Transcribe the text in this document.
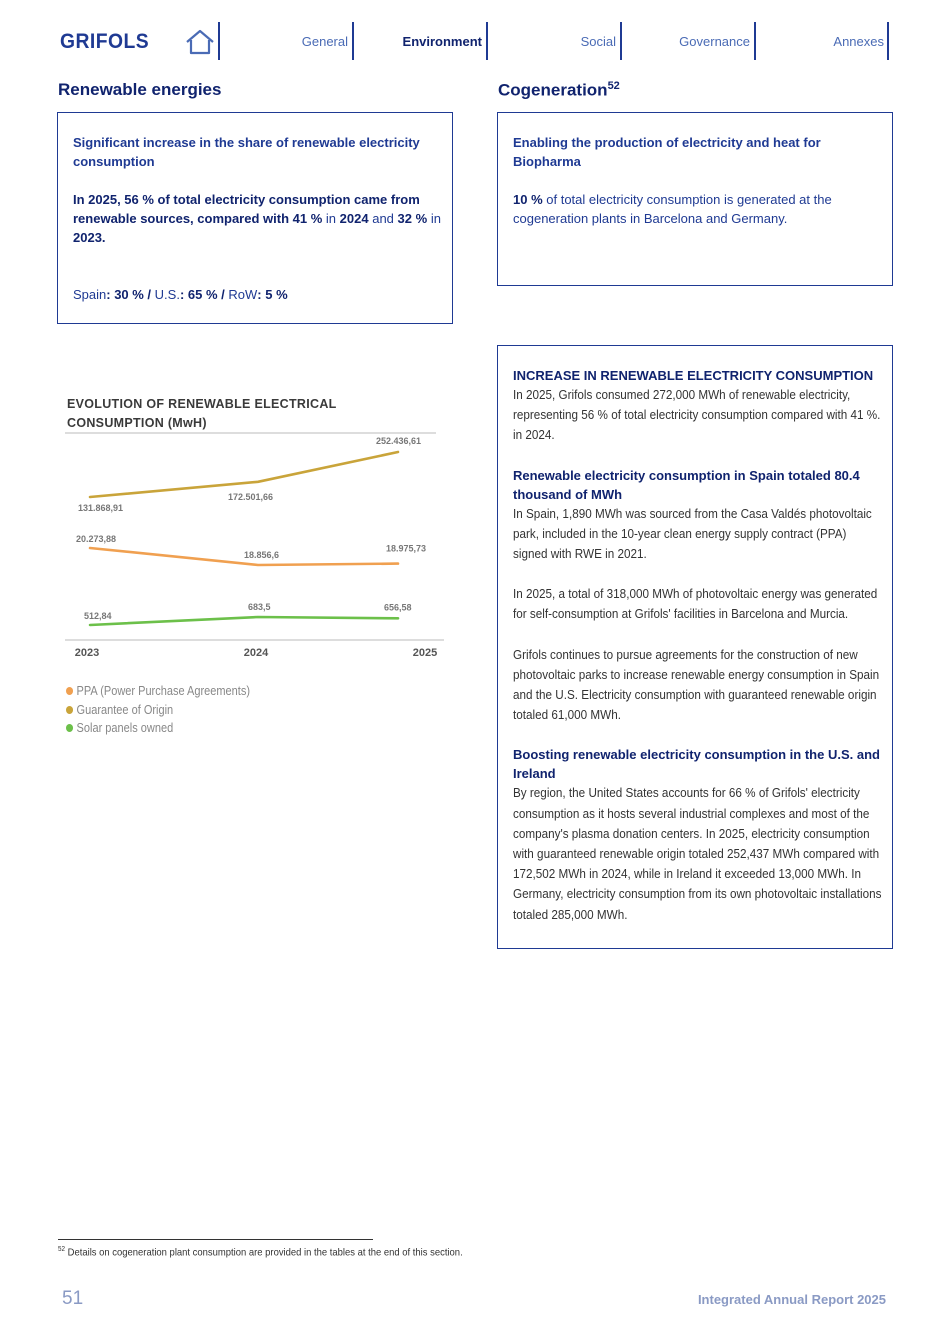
GRIFOLS	General	Environment	Social	Governance	Annexes
Renewable energies	Cogeneration$^{52}$

Significant increase in the share of renewable electricity consumption

In 2025, 56 % of total electricity consumption came from renewable sources, compared with 41 % in 2024 and 32 % in 2023.

Spain: 30 % / U.S.: 65 % / RoW: 5 %

Enabling the production of electricity and heat for Biopharma

10 % of total electricity consumption is generated at the cogeneration plants in Barcelona and Germany.

INCREASE IN RENEWABLE ELECTRICITY CONSUMPTION
In 2025, Grifols consumed 272,000 MWh of renewable electricity, representing 56 % of total electricity consumption compared with 41 %. in 2024.
Renewable electricity consumption in Spain totaled 80.4 thousand of MWh
In Spain, 1,890 MWh was sourced from the Casa Valdés photovoltaic park, included in the 10-year clean energy supply contract (PPA) signed with RWE in 2021.
In 2025, a total of 318,000 MWh of photovoltaic energy was generated for self-consumption at Grifols' facilities in Barcelona and Murcia.
Grifols continues to pursue agreements for the construction of new photovoltaic parks to increase renewable energy consumption in Spain and the U.S. Electricity consumption with guaranteed renewable origin totaled 61,000 MWh.
Boosting renewable electricity consumption in the U.S. and Ireland
By region, the United States accounts for 66 % of Grifols' electricity consumption as it hosts several industrial complexes and most of the company's plasma donation centers. In 2025, electricity consumption with guaranteed renewable origin totaled 252,437 MWh compared with 172,502 MWh in 2024, while in Ireland it exceeded 13,000 MWh. In Germany, electricity consumption from its own photovoltaic installations totaled 285,000 MWh.
EVOLUTION OF RENEWABLE ELECTRICAL
CONSUMPTION (MwH)
131.868,91
172.501,66
252.436,61
20.273,88
18.856,6
18.975,73
512,84
683,5	656,58
2023	2024	2025
PPA (Power Purchase Agreements)
Guarantee of Origin
Solar panels owned
$^{52}$ Details on cogeneration plant consumption are provided in the tables at the end of this section.
51	Integrated Annual Report 2025
